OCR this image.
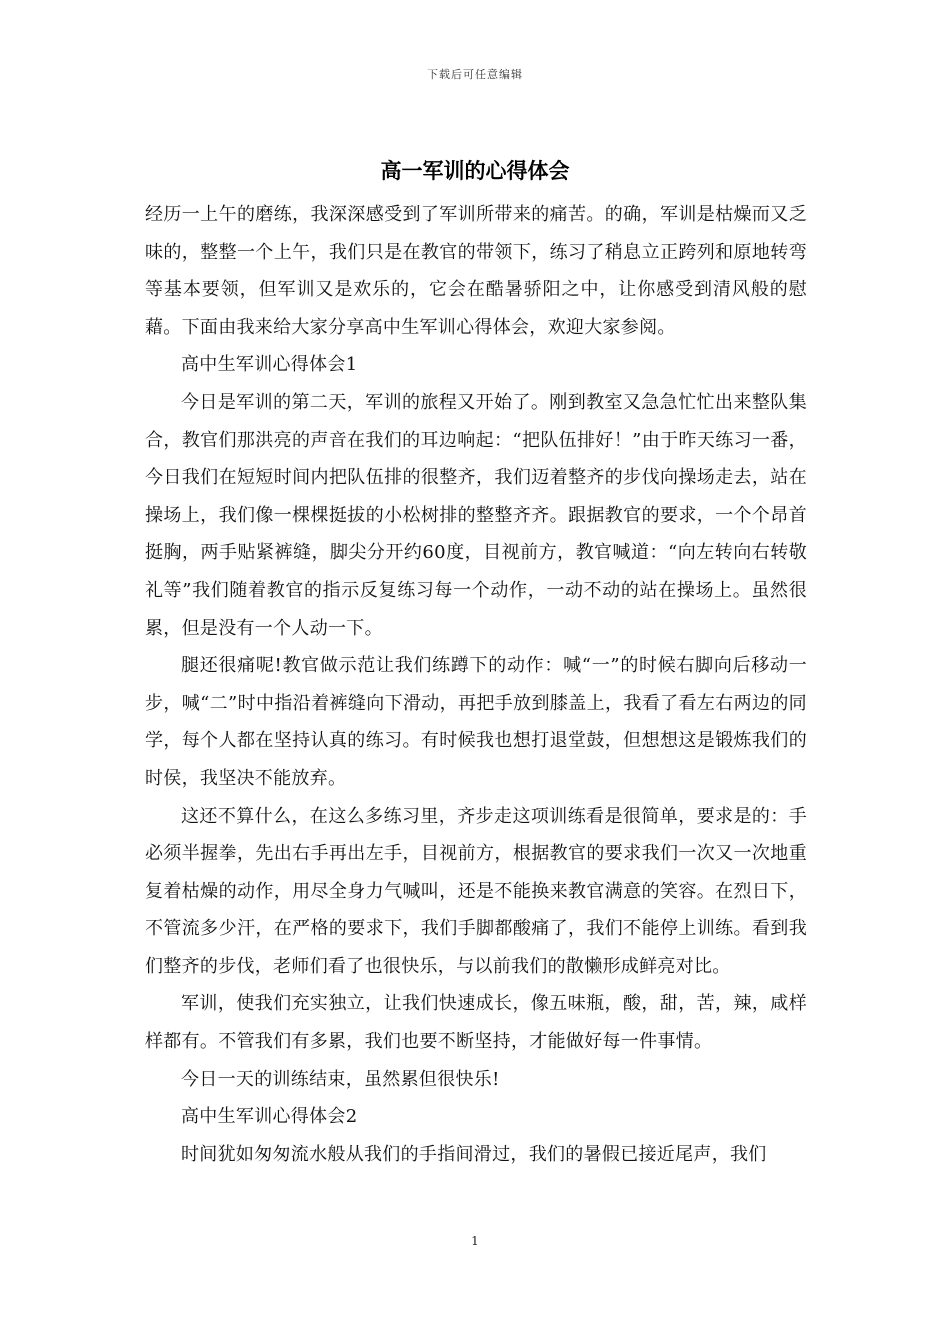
下载后可任意编辑
高一军训的心得体会

经历一上午的磨练，我深深感受到了军训所带来的痛苦。的确，军训是枯燥而又乏味的，整整一个上午，我们只是在教官的带领下，练习了稍息立正跨列和原地转弯等基本要领，但军训又是欢乐的，它会在酷暑骄阳之中，让你感受到清风般的慰藉。下面由我来给大家分享高中生军训心得体会，欢迎大家参阅。

高中生军训心得体会1

今日是军训的第二天，军训的旅程又开始了。刚到教室又急急忙忙出来整队集合，教官们那洪亮的声音在我们的耳边响起：“把队伍排好！”由于昨天练习一番，今日我们在短短时间内把队伍排的很整齐，我们迈着整齐的步伐向操场走去，站在操场上，我们像一棵棵挺拔的小松树排的整整齐齐。跟据教官的要求，一个个昂首挺胸，两手贴紧裤缝，脚尖分开约60度，目视前方，教官喊道：“向左转向右转敬礼等”我们随着教官的指示反复练习每一个动作，一动不动的站在操场上。虽然很累，但是没有一个人动一下。

腿还很痛呢!教官做示范让我们练蹲下的动作：喊“一”的时候右脚向后移动一步，喊“二”时中指沿着裤缝向下滑动，再把手放到膝盖上，我看了看左右两边的同学，每个人都在坚持认真的练习。有时候我也想打退堂鼓，但想想这是锻炼我们的时侯，我坚决不能放弃。

这还不算什么，在这么多练习里，齐步走这项训练看是很简单，要求是的：手必须半握拳，先出右手再出左手，目视前方，根据教官的要求我们一次又一次地重复着枯燥的动作，用尽全身力气喊叫，还是不能换来教官满意的笑容。在烈日下，不管流多少汗，在严格的要求下，我们手脚都酸痛了，我们不能停上训练。看到我们整齐的步伐，老师们看了也很快乐，与以前我们的散懒形成鲜亮对比。

军训，使我们充实独立，让我们快速成长，像五味瓶，酸，甜，苦，辣，咸样样都有。不管我们有多累，我们也要不断坚持，才能做好每一件事情。

今日一天的训练结束，虽然累但很快乐!

高中生军训心得体会2

时间犹如匆匆流水般从我们的手指间滑过，我们的暑假已接近尾声，我们

1
